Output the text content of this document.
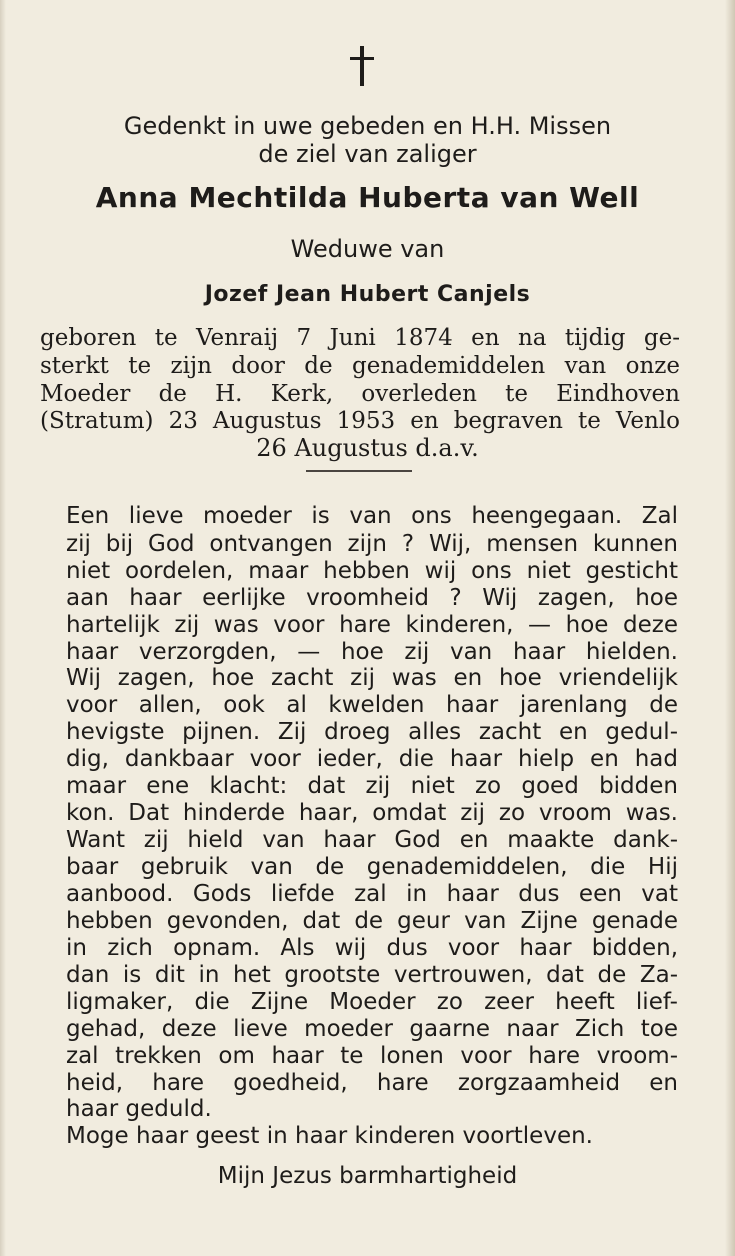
Gedenkt in uwe gebeden en H.H. Missen
de ziel van zaliger
Anna Mechtilda Huberta van Well
Weduwe van
Jozef Jean Hubert Canjels
geboren te Venraij 7 Juni 1874 en na tijdig ge-
sterkt te zijn door de genademiddelen van onze
Moeder de H. Kerk, overleden te Eindhoven
(Stratum) 23 Augustus 1953 en begraven te Venlo
26 Augustus d.a.v.
Een lieve moeder is van ons heengegaan. Zal
zij bij God ontvangen zijn ? Wij, mensen kunnen
niet oordelen, maar hebben wij ons niet gesticht
aan haar eerlijke vroomheid ? Wij zagen, hoe
hartelijk zij was voor hare kinderen, — hoe deze
haar verzorgden, — hoe zij van haar hielden.
Wij zagen, hoe zacht zij was en hoe vriendelijk
voor allen, ook al kwelden haar jarenlang de
hevigste pijnen. Zij droeg alles zacht en gedul-
dig, dankbaar voor ieder, die haar hielp en had
maar ene klacht: dat zij niet zo goed bidden
kon. Dat hinderde haar, omdat zij zo vroom was.
Want zij hield van haar God en maakte dank-
baar gebruik van de genademiddelen, die Hij
aanbood. Gods liefde zal in haar dus een vat
hebben gevonden, dat de geur van Zijne genade
in zich opnam. Als wij dus voor haar bidden,
dan is dit in het grootste vertrouwen, dat de Za-
ligmaker, die Zijne Moeder zo zeer heeft lief-
gehad, deze lieve moeder gaarne naar Zich toe
zal trekken om haar te lonen voor hare vroom-
heid, hare goedheid, hare zorgzaamheid en
haar geduld.
Moge haar geest in haar kinderen voortleven.
Mijn Jezus barmhartigheid
